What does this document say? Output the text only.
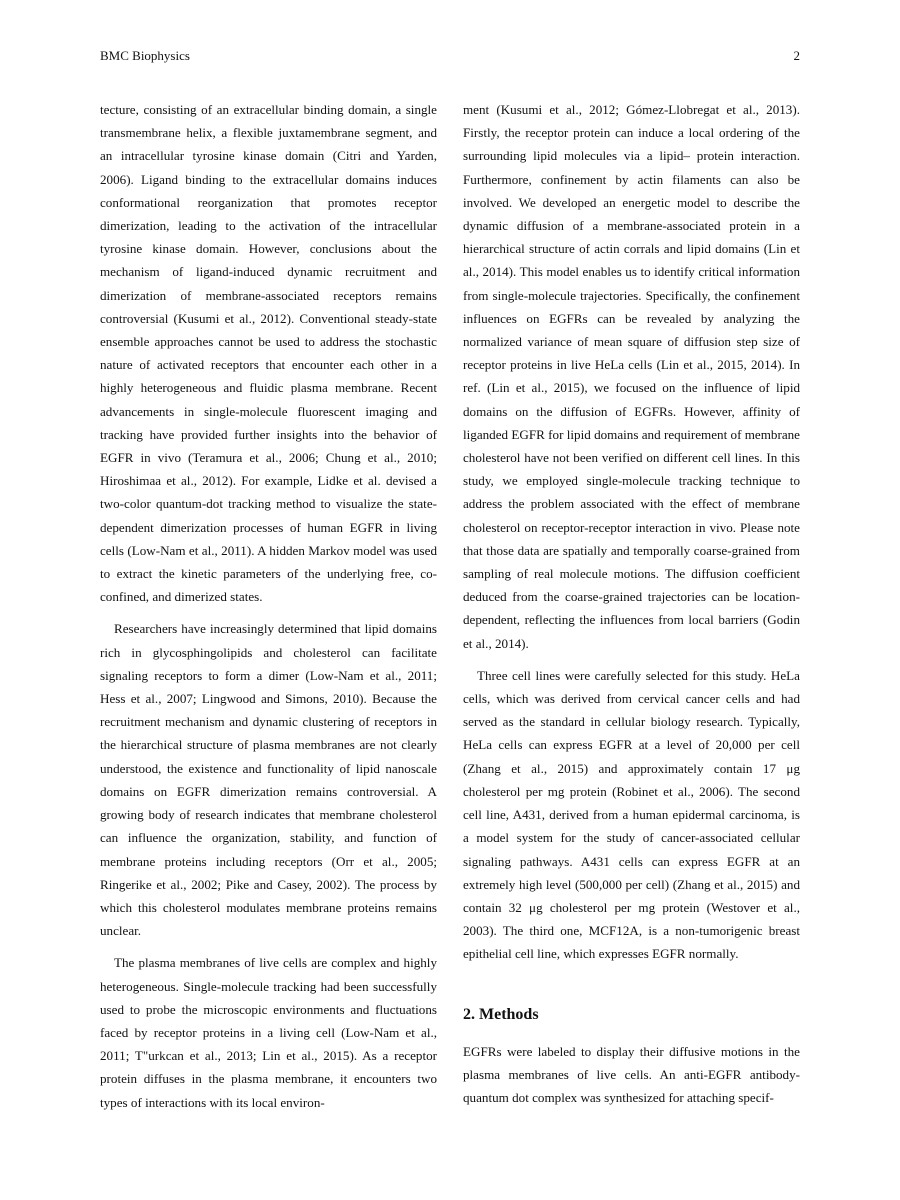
BMC Biophysics	2

tecture, consisting of an extracellular binding domain, a single transmembrane helix, a flexible juxtamembrane segment, and an intracellular tyrosine kinase domain (Citri and Yarden, 2006). Ligand binding to the extracellular domains induces conformational reorganization that promotes receptor dimerization, leading to the activation of the intracellular tyrosine kinase domain. However, conclusions about the mechanism of ligand-induced dynamic recruitment and dimerization of membrane-associated receptors remains controversial (Kusumi et al., 2012). Conventional steady-state ensemble approaches cannot be used to address the stochastic nature of activated receptors that encounter each other in a highly heterogeneous and fluidic plasma membrane. Recent advancements in single-molecule fluorescent imaging and tracking have provided further insights into the behavior of EGFR in vivo (Teramura et al., 2006; Chung et al., 2010; Hiroshimaa et al., 2012). For example, Lidke et al. devised a two-color quantum-dot tracking method to visualize the state-dependent dimerization processes of human EGFR in living cells (Low-Nam et al., 2011). A hidden Markov model was used to extract the kinetic parameters of the underlying free, co-confined, and dimerized states.

Researchers have increasingly determined that lipid domains rich in glycosphingolipids and cholesterol can facilitate signaling receptors to form a dimer (Low-Nam et al., 2011; Hess et al., 2007; Lingwood and Simons, 2010). Because the recruitment mechanism and dynamic clustering of receptors in the hierarchical structure of plasma membranes are not clearly understood, the existence and functionality of lipid nanoscale domains on EGFR dimerization remains controversial. A growing body of research indicates that membrane cholesterol can influence the organization, stability, and function of membrane proteins including receptors (Orr et al., 2005; Ringerike et al., 2002; Pike and Casey, 2002). The process by which this cholesterol modulates membrane proteins remains unclear.

The plasma membranes of live cells are complex and highly heterogeneous. Single-molecule tracking had been successfully used to probe the microscopic environments and fluctuations faced by receptor proteins in a living cell (Low-Nam et al., 2011; T"urkcan et al., 2013; Lin et al., 2015). As a receptor protein diffuses in the plasma membrane, it encounters two types of interactions with its local environ-

ment (Kusumi et al., 2012; Gómez-Llobregat et al., 2013). Firstly, the receptor protein can induce a local ordering of the surrounding lipid molecules via a lipid– protein interaction. Furthermore, confinement by actin filaments can also be involved. We developed an energetic model to describe the dynamic diffusion of a membrane-associated protein in a hierarchical structure of actin corrals and lipid domains (Lin et al., 2014). This model enables us to identify critical information from single-molecule trajectories. Specifically, the confinement influences on EGFRs can be revealed by analyzing the normalized variance of mean square of diffusion step size of receptor proteins in live HeLa cells (Lin et al., 2015, 2014). In ref. (Lin et al., 2015), we focused on the influence of lipid domains on the diffusion of EGFRs. However, affinity of liganded EGFR for lipid domains and requirement of membrane cholesterol have not been verified on different cell lines. In this study, we employed single-molecule tracking technique to address the problem associated with the effect of membrane cholesterol on receptor-receptor interaction in vivo. Please note that those data are spatially and temporally coarse-grained from sampling of real molecule motions. The diffusion coefficient deduced from the coarse-grained trajectories can be location-dependent, reflecting the influences from local barriers (Godin et al., 2014).

Three cell lines were carefully selected for this study. HeLa cells, which was derived from cervical cancer cells and had served as the standard in cellular biology research. Typically, HeLa cells can express EGFR at a level of 20,000 per cell (Zhang et al., 2015) and approximately contain 17 μg cholesterol per mg protein (Robinet et al., 2006). The second cell line, A431, derived from a human epidermal carcinoma, is a model system for the study of cancer-associated cellular signaling pathways. A431 cells can express EGFR at an extremely high level (500,000 per cell) (Zhang et al., 2015) and contain 32 μg cholesterol per mg protein (Westover et al., 2003). The third one, MCF12A, is a non-tumorigenic breast epithelial cell line, which expresses EGFR normally.

2. Methods

EGFRs were labeled to display their diffusive motions in the plasma membranes of live cells. An anti-EGFR antibody-quantum dot complex was synthesized for attaching specif-
